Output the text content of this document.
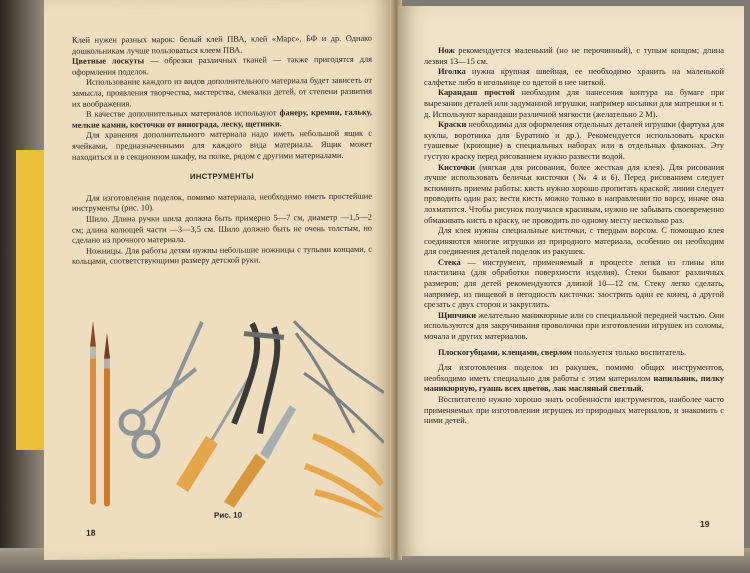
Клей нужен разных марок: белый клей ПВА, клей «Марс», БФ и др. Однако дошкольникам лучше пользоваться клеем ПВА.

Цветные лоскуты — обрезки различных тканей — также пригодятся для оформления поделок.

Использование каждого из видов дополнительного материала будет зависеть от замысла, проявления творчества, мастерства, смекалки детей, от степени развития их воображения.

В качестве дополнительных материалов используют фанеру, кремни, гальку, мелкие камни, косточки от винограда, леску, щетинки.

Для хранения дополнительного материала надо иметь небольшой ящик с ячейками, предназначенными для каждого вида материала. Ящик может находиться и в секционном шкафу, на полке, рядом с другими материалами.

ИНСТРУМЕНТЫ

Для изготовления поделок, помимо материала, необходимо иметь простейшие инструменты (рис. 10).

Шило. Длина ручки шила должна быть примерно 5—7 см, диаметр —1,5—2 см; длина колющей части —3—3,5 см. Шило должно быть не очень толстым, но сделано из прочного материала.

Ножницы. Для работы детям нужны небольшие ножницы с тупыми концами, с кольцами, соответствующими размеру детской руки.

Рис. 10
18

Нож рекомендуется маленький (но не перочинный), с тупым концом; длина лезвия 13—15 см.

Иголка нужна крупная швейная, ее необходимо хранить на маленькой салфетке либо в игольнице со вдетой в нее ниткой.

Карандаш простой необходим для нанесения контура на бумаге при вырезании деталей или задуманной игрушки, например косынки для матрешки и т. д. Используют карандаши различной мягкости (желательно 2 М).

Краски необходимы для оформления отдельных деталей игрушки (фартука для куклы, воротника для Буратино и др.). Рекомендуется использовать краски гуашевые (кроющие) в специальных наборах или в отдельных флаконах. Эту густую краску перед рисованием нужно развести водой.

Кисточки (мягкая для рисования, более жесткая для клея). Для рисования лучше использовать беличьи кисточки (№ 4 и 6). Перед рисованием следует вспомнить приемы работы: кисть нужно хорошо пропитать краской; линии следует проводить один раз; вести кисть можно только в направлении по ворсу, иначе она лохматится. Чтобы рисунок получился красивым, нужно не забывать своевременно обмакивать кисть в краску, не проводить по одному месту несколько раз.

Для клея нужны специальные кисточки, с твердым ворсом. С помощью клея соединяются многие игрушки из природного материала, особенно он необходим для соединения деталей поделок из ракушек.

Стека — инструмент, применяемый в процессе лепки из глины или пластилина (для обработки поверхности изделия). Стеки бывают различных размеров; для детей рекомендуются длиной 10—12 см. Стеку легко сделать, например, из пищевой в негодность кисточки: заострить один ее конец, а другой срезать с двух сторон и закруглить.

Щипчики желательно маникюрные или со специальной передней частью. Они используются для закручивания проволочки при изготовлении игрушек из соломы, мочала и других материалов.

Плоскогубцами, клещами, сверлом пользуется только воспитатель.

Для изготовления поделок из ракушек, помимо общих инструментов, необходимо иметь специально для работы с этим материалом напильник, пилку маникюрную, гуашь всех цветов, лак масляный светлый.

Воспитателю нужно хорошо знать особенности инструментов, наиболее часто применяемых при изготовлении игрушек из природных материалов, и знакомить с ними детей.

19
